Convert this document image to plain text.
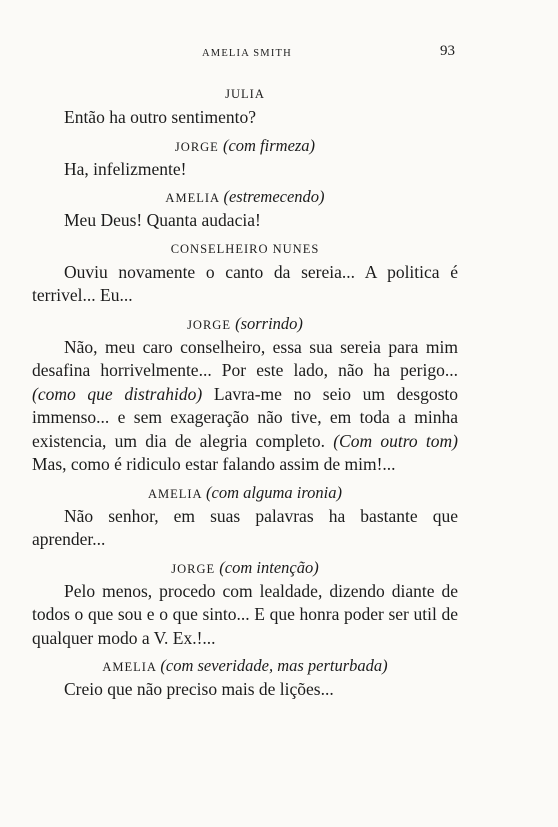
AMELIA SMITH	93

JULIA

Então ha outro sentimento?

JORGE (com firmeza)

Ha, infelizmente!

AMELIA (estremecendo)

Meu Deus! Quanta audacia!

CONSELHEIRO NUNES

Ouviu novamente o canto da sereia... A politica é terrivel... Eu...

JORGE (sorrindo)

Não, meu caro conselheiro, essa sua sereia para mim desafina horrivelmente... Por este lado, não ha perigo... (como que distrahido) Lavra-me no seio um desgosto immenso... e sem exageração não tive, em toda a minha existencia, um dia de alegria completo. (Com outro tom) Mas, como é ridiculo estar falando assim de mim!...

AMELIA (com alguma ironia)

Não senhor, em suas palavras ha bastante que aprender...

JORGE (com intenção)

Pelo menos, procedo com lealdade, dizendo diante de todos o que sou e o que sinto... E que honra poder ser util de qualquer modo a V. Ex.!...

AMELIA (com severidade, mas perturbada)

Creio que não preciso mais de lições...
